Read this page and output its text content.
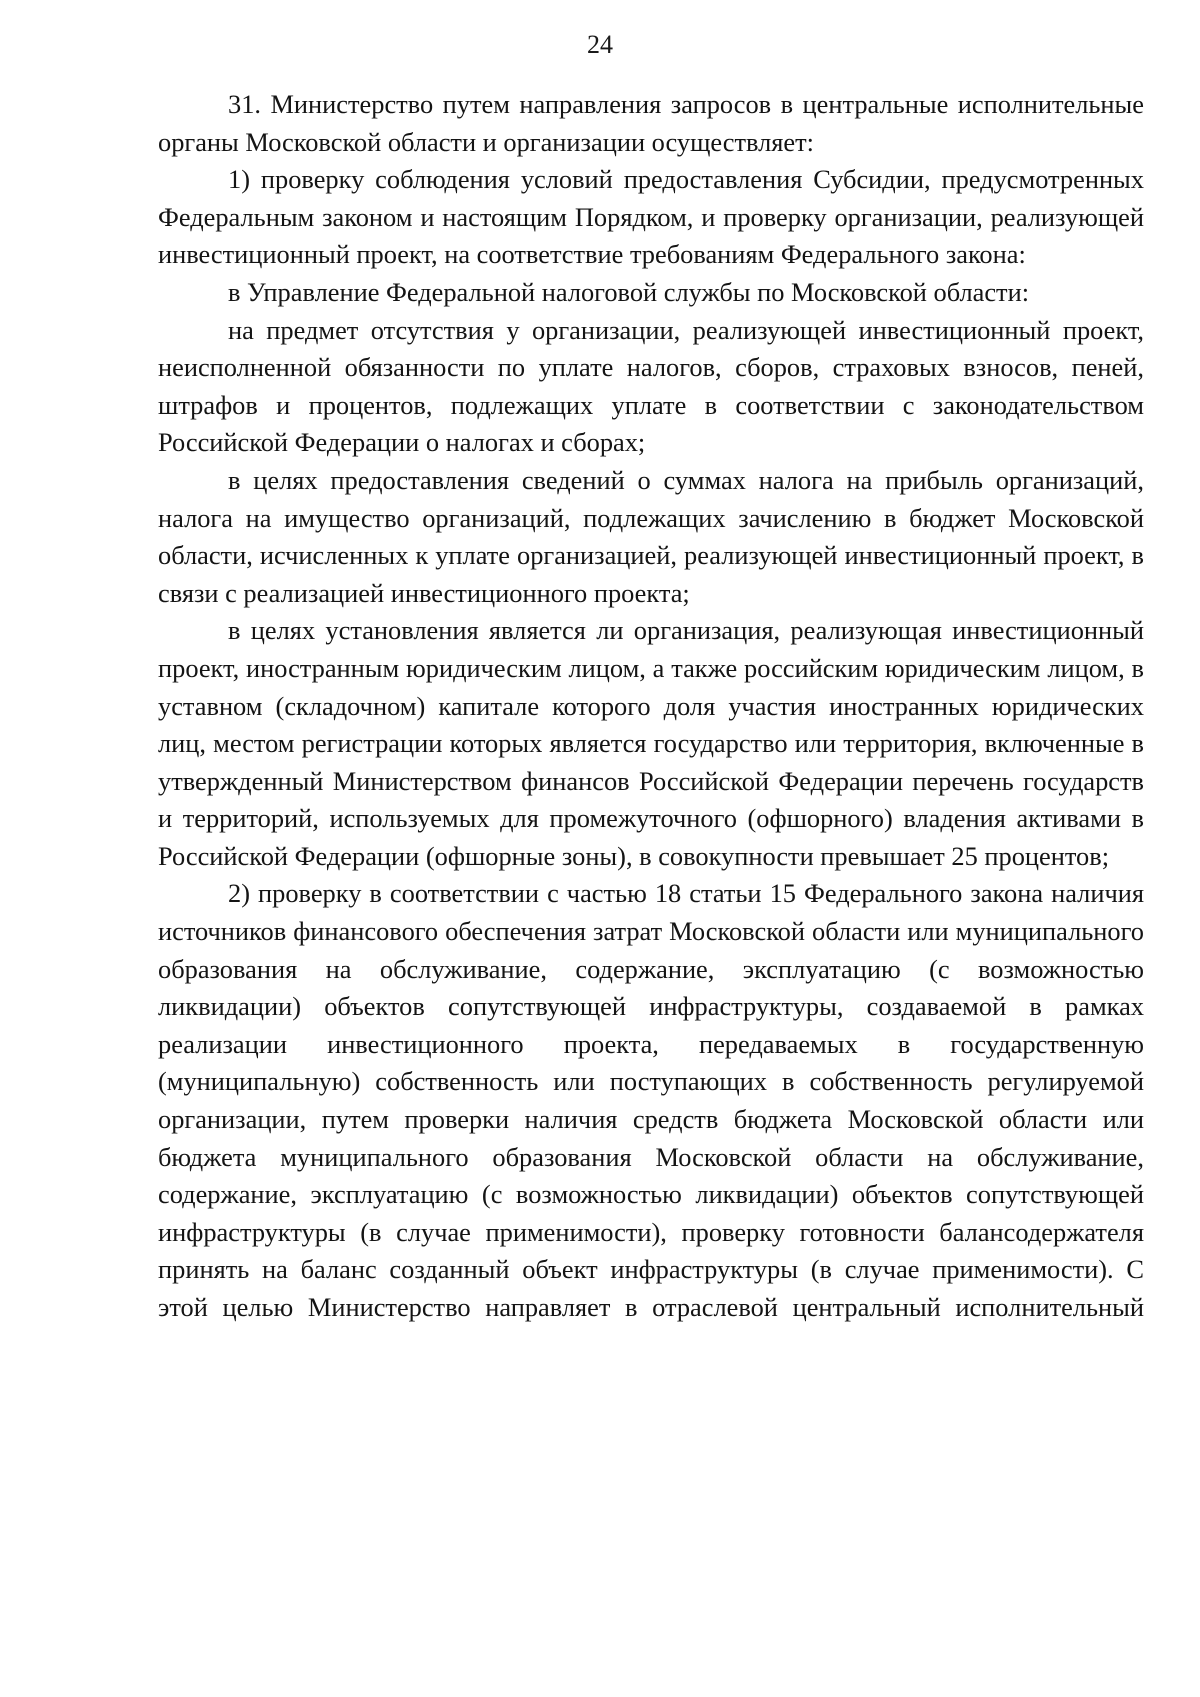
24

31. Министерство путем направления запросов в центральные исполнительные органы Московской области и организации осуществляет:

1) проверку соблюдения условий предоставления Субсидии, предусмотренных Федеральным законом и настоящим Порядком, и проверку организации, реализующей инвестиционный проект, на соответствие требованиям Федерального закона:

в Управление Федеральной налоговой службы по Московской области:

на предмет отсутствия у организации, реализующей инвестиционный проект, неисполненной обязанности по уплате налогов, сборов, страховых взносов, пеней, штрафов и процентов, подлежащих уплате в соответствии с законодательством Российской Федерации о налогах и сборах;

в целях предоставления сведений о суммах налога на прибыль организаций, налога на имущество организаций, подлежащих зачислению в бюджет Московской области, исчисленных к уплате организацией, реализующей инвестиционный проект, в связи с реализацией инвестиционного проекта;

в целях установления является ли организация, реализующая инвестиционный проект, иностранным юридическим лицом, а также российским юридическим лицом, в уставном (складочном) капитале которого доля участия иностранных юридических лиц, местом регистрации которых является государство или территория, включенные в утвержденный Министерством финансов Российской Федерации перечень государств и территорий, используемых для промежуточного (офшорного) владения активами в Российской Федерации (офшорные зоны), в совокупности превышает 25 процентов;

2) проверку в соответствии с частью 18 статьи 15 Федерального закона наличия источников финансового обеспечения затрат Московской области или муниципального образования на обслуживание, содержание, эксплуатацию (с возможностью ликвидации) объектов сопутствующей инфраструктуры, создаваемой в рамках реализации инвестиционного проекта, передаваемых в государственную (муниципальную) собственность или поступающих в собственность регулируемой организации, путем проверки наличия средств бюджета Московской области или бюджета муниципального образования Московской области на обслуживание, содержание, эксплуатацию (с возможностью ликвидации) объектов сопутствующей инфраструктуры (в случае применимости), проверку готовности балансодержателя принять на баланс созданный объект инфраструктуры (в случае применимости). С этой целью Министерство направляет в отраслевой центральный исполнительный
